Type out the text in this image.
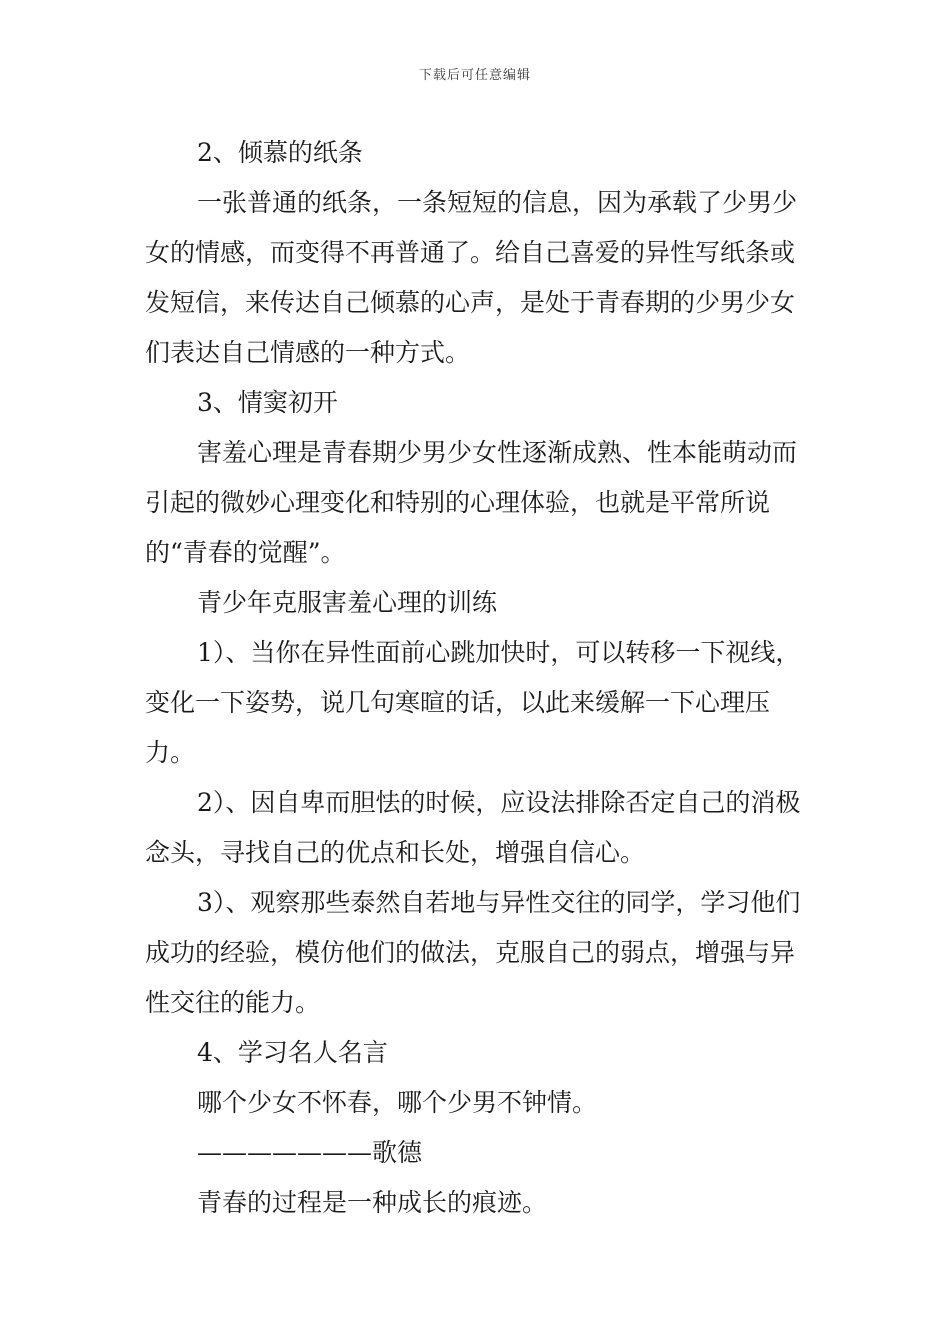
下载后可任意编辑

2、倾慕的纸条

一张普通的纸条，一条短短的信息，因为承载了少男少女的情感，而变得不再普通了。给自己喜爱的异性写纸条或发短信，来传达自己倾慕的心声，是处于青春期的少男少女们表达自己情感的一种方式。

3、情窦初开

害羞心理是青春期少男少女性逐渐成熟、性本能萌动而引起的微妙心理变化和特别的心理体验，也就是平常所说的“青春的觉醒”。

青少年克服害羞心理的训练

1）、当你在异性面前心跳加快时，可以转移一下视线，变化一下姿势，说几句寒暄的话，以此来缓解一下心理压力。

2）、因自卑而胆怯的时候，应设法排除否定自己的消极念头，寻找自己的优点和长处，增强自信心。

3）、观察那些泰然自若地与异性交往的同学，学习他们成功的经验，模仿他们的做法，克服自己的弱点，增强与异性交往的能力。

4、学习名人名言

哪个少女不怀春，哪个少男不钟情。

———————歌德

青春的过程是一种成长的痕迹。
